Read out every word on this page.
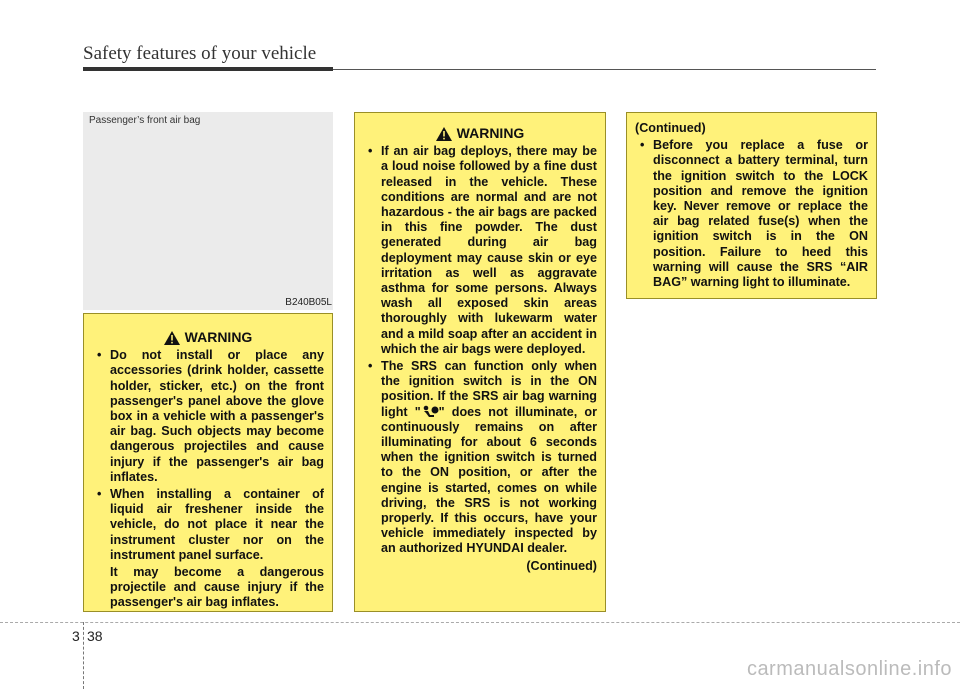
Safety features of your vehicle
Passenger’s front air bag
B240B05L
WARNING
• Do not install or place any accessories (drink holder, cassette holder, sticker, etc.) on the front passenger's panel above the glove box in a vehicle with a passenger's air bag. Such objects may become dangerous projectiles and cause injury if the passenger's air bag inflates.
• When installing a container of liquid air freshener inside the vehicle, do not place it near the instrument cluster nor on the instrument panel surface.
It may become a dangerous projectile and cause injury if the passenger's air bag inflates.
WARNING
• If an air bag deploys, there may be a loud noise followed by a fine dust released in the vehicle. These conditions are normal and are not hazardous - the air bags are packed in this fine powder. The dust generated during air bag deployment may cause skin or eye irritation as well as aggravate asthma for some persons. Always wash all exposed skin areas thoroughly with lukewarm water and a mild soap after an accident in which the air bags were deployed.
• The SRS can function only when the ignition switch is in the ON position. If the SRS air bag warning light " " does not illuminate, or continuously remains on after illuminating for about 6 seconds when the ignition switch is turned to the ON position, or after the engine is started, comes on while driving, the SRS is not working properly. If this occurs, have your vehicle immediately inspected by an authorized HYUNDAI dealer.
(Continued)
(Continued)
• Before you replace a fuse or disconnect a battery terminal, turn the ignition switch to the LOCK position and remove the ignition key. Never remove or replace the air bag related fuse(s) when the ignition switch is in the ON position. Failure to heed this warning will cause the SRS “AIR BAG” warning light to illuminate.
3 38
carmanualsonline.info
